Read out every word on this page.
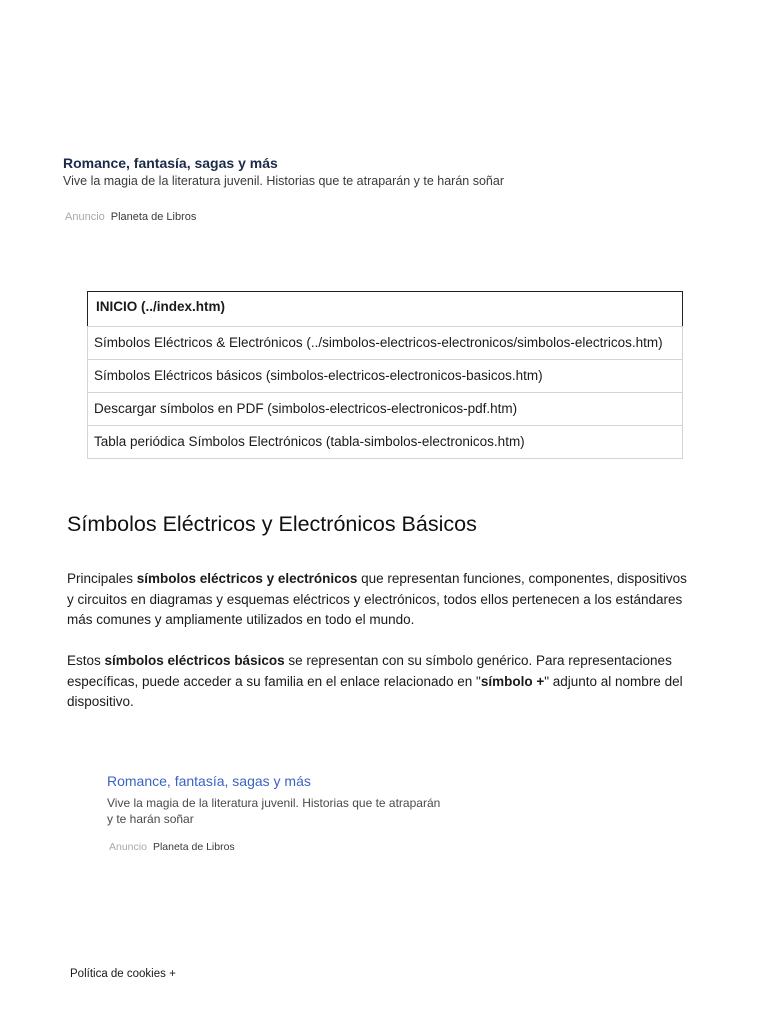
Romance, fantasía, sagas y más
Vive la magia de la literatura juvenil. Historias que te atraparán y te harán soñar
Anuncio Planeta de Libros
INICIO (../index.htm)
Símbolos Eléctricos & Electrónicos (../simbolos-electricos-electronicos/simbolos-electricos.htm)
Símbolos Eléctricos básicos (simbolos-electricos-electronicos-basicos.htm)
Descargar símbolos en PDF (simbolos-electricos-electronicos-pdf.htm)
Tabla periódica Símbolos Electrónicos (tabla-simbolos-electronicos.htm)
Símbolos Eléctricos y Electrónicos Básicos

Principales símbolos eléctricos y electrónicos que representan funciones, componentes, dispositivos y circuitos en diagramas y esquemas eléctricos y electrónicos, todos ellos pertenecen a los estándares más comunes y ampliamente utilizados en todo el mundo.

Estos símbolos eléctricos básicos se representan con su símbolo genérico. Para representaciones específicas, puede acceder a su familia en el enlace relacionado en "símbolo +" adjunto al nombre del dispositivo.

Romance, fantasía, sagas y más
Vive la magia de la literatura juvenil. Historias que te atraparán
y te harán soñar
Anuncio Planeta de Libros
Política de cookies +
